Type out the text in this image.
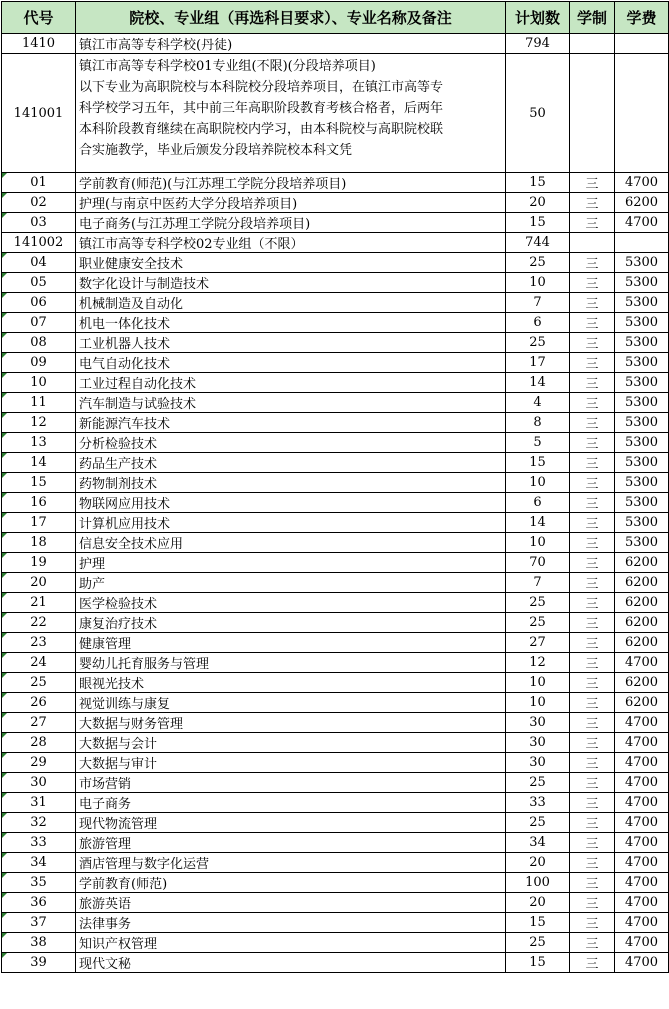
代号	院校、专业组（再选科目要求）、专业名称及备注	计划数	学制	学费
1410	镇江市高等专科学校(丹徒)	794		
141001	镇江市高等专科学校01专业组(不限)(分段培养项目)
以下专业为高职院校与本科院校分段培养项目，在镇江市高等专
科学校学习五年，其中前三年高职阶段教育考核合格者，后两年
本科阶段教育继续在高职院校内学习，由本科院校与高职院校联
合实施教学，毕业后颁发分段培养院校本科文凭	50		
01	学前教育(师范)(与江苏理工学院分段培养项目)	15	三	4700
02	护理(与南京中医药大学分段培养项目)	20	三	6200
03	电子商务(与江苏理工学院分段培养项目)	15	三	4700
141002	镇江市高等专科学校02专业组（不限）	744		
04	职业健康安全技术	25	三	5300
05	数字化设计与制造技术	10	三	5300
06	机械制造及自动化	7	三	5300
07	机电一体化技术	6	三	5300
08	工业机器人技术	25	三	5300
09	电气自动化技术	17	三	5300
10	工业过程自动化技术	14	三	5300
11	汽车制造与试验技术	4	三	5300
12	新能源汽车技术	8	三	5300
13	分析检验技术	5	三	5300
14	药品生产技术	15	三	5300
15	药物制剂技术	10	三	5300
16	物联网应用技术	6	三	5300
17	计算机应用技术	14	三	5300
18	信息安全技术应用	10	三	5300
19	护理	70	三	6200
20	助产	7	三	6200
21	医学检验技术	25	三	6200
22	康复治疗技术	25	三	6200
23	健康管理	27	三	6200
24	婴幼儿托育服务与管理	12	三	4700
25	眼视光技术	10	三	6200
26	视觉训练与康复	10	三	6200
27	大数据与财务管理	30	三	4700
28	大数据与会计	30	三	4700
29	大数据与审计	30	三	4700
30	市场营销	25	三	4700
31	电子商务	33	三	4700
32	现代物流管理	25	三	4700
33	旅游管理	34	三	4700
34	酒店管理与数字化运营	20	三	4700
35	学前教育(师范)	100	三	4700
36	旅游英语	20	三	4700
37	法律事务	15	三	4700
38	知识产权管理	25	三	4700
39	现代文秘	15	三	4700
